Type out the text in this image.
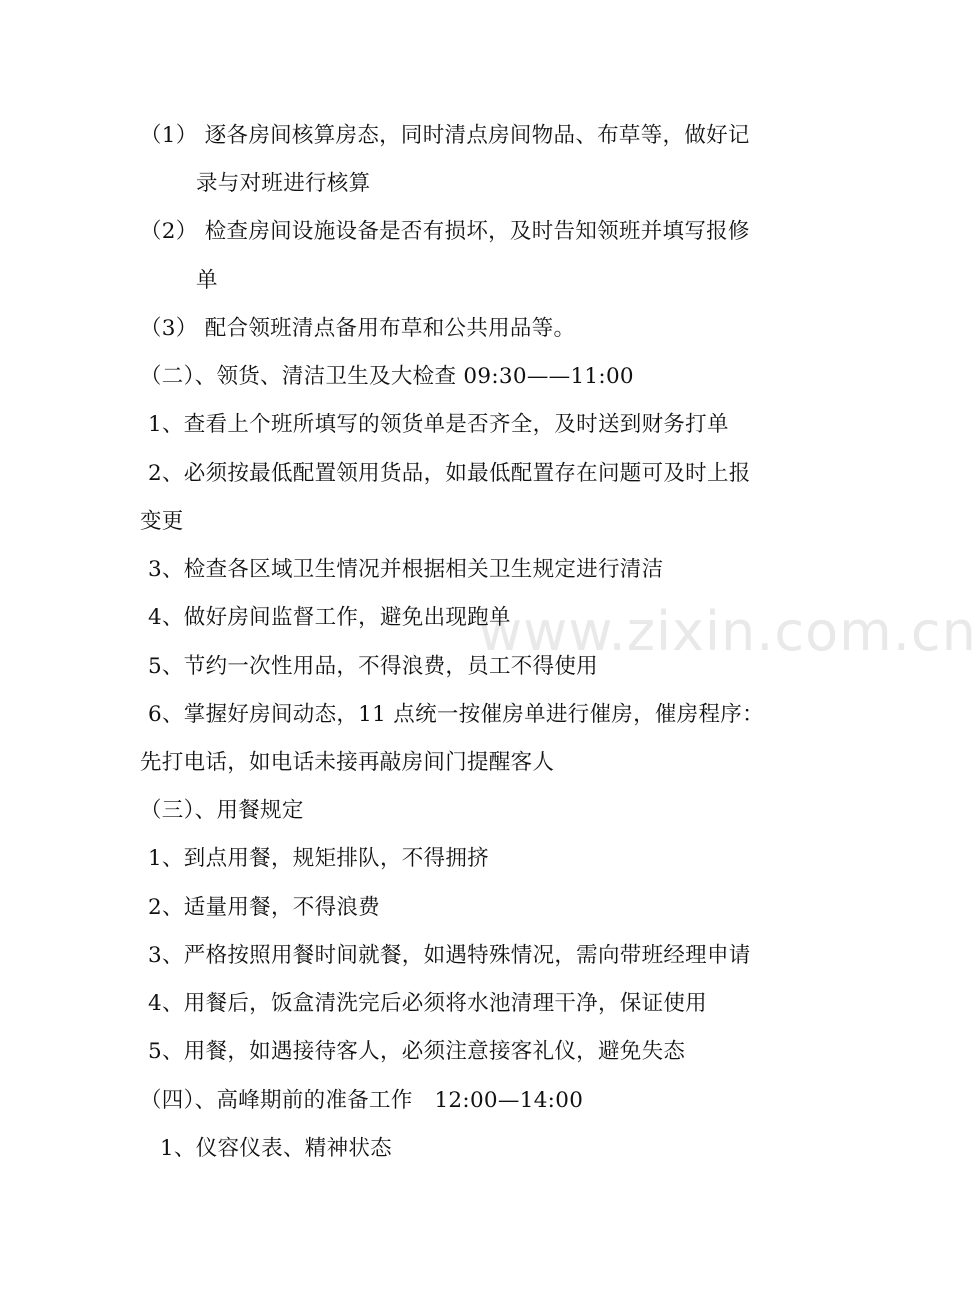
www.zixin.com.cn
（1） 逐各房间核算房态，同时清点房间物品、布草等，做好记
录与对班进行核算
（2） 检查房间设施设备是否有损坏，及时告知领班并填写报修
单
（3） 配合领班清点备用布草和公共用品等。
（二）、领货、清洁卫生及大检查 09:30——11:00
1、查看上个班所填写的领货单是否齐全，及时送到财务打单
2、必须按最低配置领用货品，如最低配置存在问题可及时上报
变更
3、检查各区域卫生情况并根据相关卫生规定进行清洁
4、做好房间监督工作，避免出现跑单
5、节约一次性用品，不得浪费，员工不得使用
6、掌握好房间动态，11 点统一按催房单进行催房，催房程序：
先打电话，如电话未接再敲房间门提醒客人
（三）、用餐规定
1、到点用餐，规矩排队，不得拥挤
2、适量用餐，不得浪费
3、严格按照用餐时间就餐，如遇特殊情况，需向带班经理申请
4、用餐后，饭盒清洗完后必须将水池清理干净，保证使用
5、用餐，如遇接待客人，必须注意接客礼仪，避免失态
（四）、高峰期前的准备工作　12:00—14:00
1、仪容仪表、精神状态
